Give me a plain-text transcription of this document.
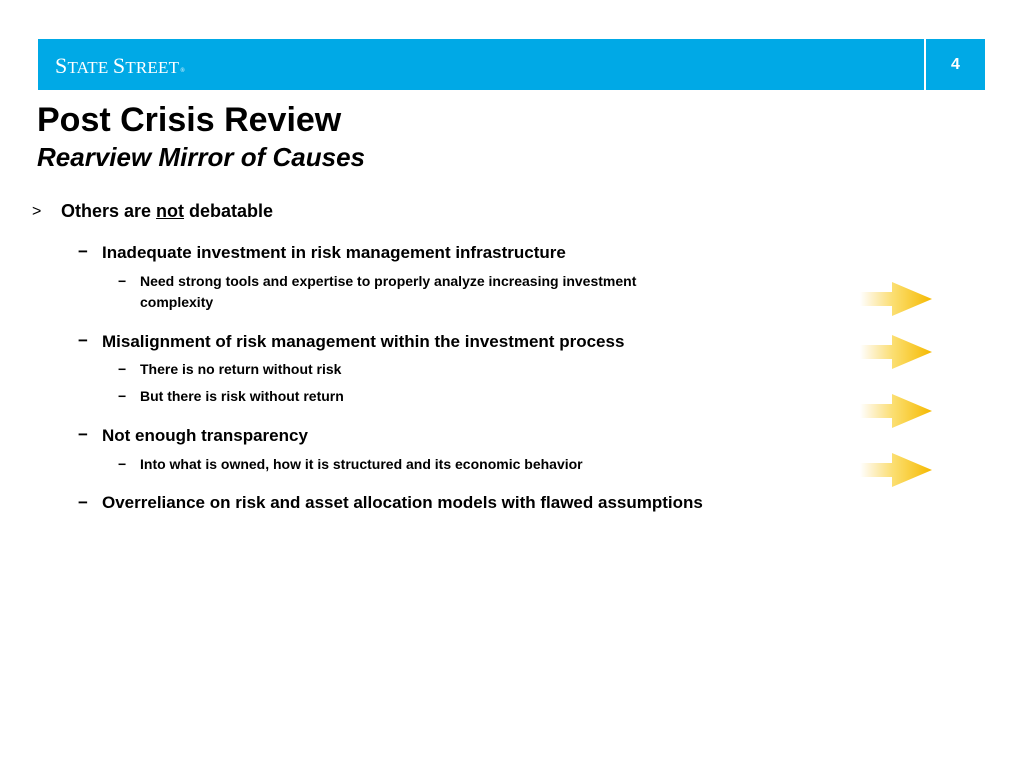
STATE STREET®	4
Post Crisis Review
Rearview Mirror of Causes
> Others are not debatable
− Inadequate investment in risk management infrastructure
− Need strong tools and expertise to properly analyze increasing investment complexity
− Misalignment of risk management within the investment process
− There is no return without risk
− But there is risk without return
− Not enough transparency
− Into what is owned, how it is structured and its economic behavior
− Overreliance on risk and asset allocation models with flawed assumptions
